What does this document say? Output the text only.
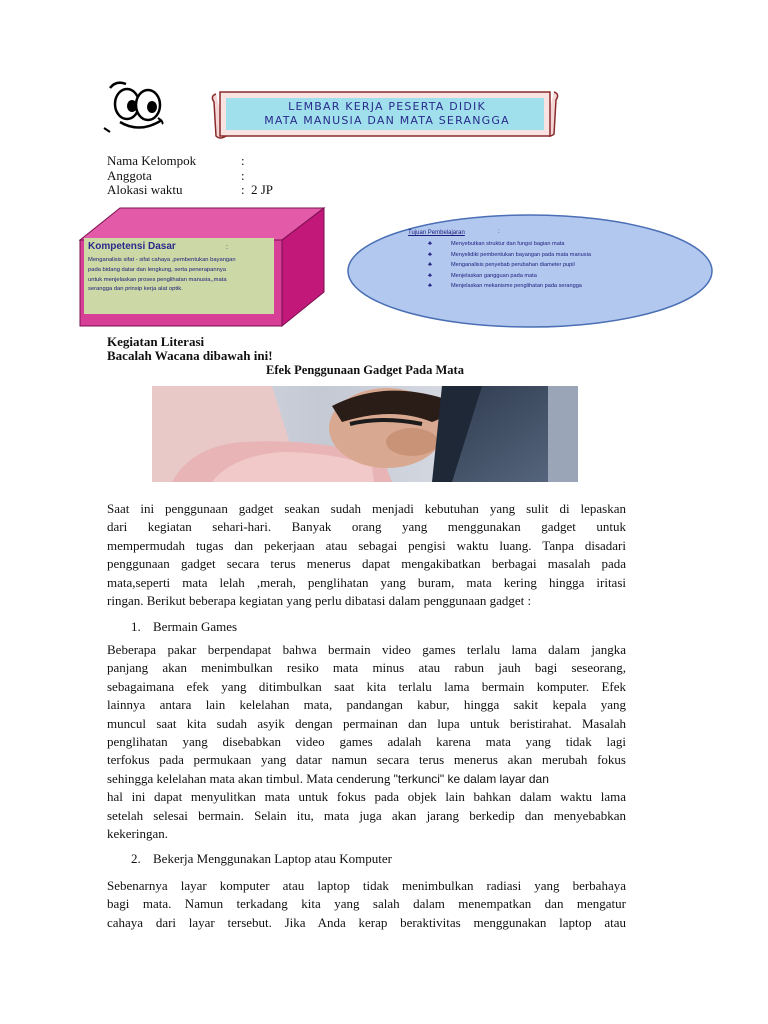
LEMBAR KERJA PESERTA DIDIK
MATA MANUSIA DAN MATA SERANGGA
Nama Kelompok	:
Anggota	:
Alokasi waktu	: 2 JP
Kompetensi Dasar	:
Menganalisis sifat - sifat cahaya ,pembentukan bayangan
pada bidang datar dan lengkung, serta penerapannya
untuk menjelaskan proses penglihatan manusia,,mata
serangga dan prinsip kerja alat optik.
Tujuan Pembelajaran	:
♣	Menyebutkan struktur dan fungsi bagian mata
♣	Menyelidiki pembentukan bayangan pada mata manusia
♣	Menganalisis penyebab perubahan diameter pupil
♣	Menjelaskan gangguan pada mata
♣	Menjelaskan mekanisme penglihatan pada serangga
Kegiatan Literasi
Bacalah Wacana dibawah ini!
Efek Penggunaan Gadget Pada Mata
Saat ini penggunaan gadget seakan sudah menjadi kebutuhan yang sulit di lepaskan
dari kegiatan sehari-hari. Banyak orang yang menggunakan gadget untuk
mempermudah tugas dan pekerjaan atau sebagai pengisi waktu luang. Tanpa disadari
penggunaan gadget secara terus menerus dapat mengakibatkan berbagai masalah pada
mata,seperti mata lelah ,merah, penglihatan yang buram, mata kering hingga iritasi
ringan. Berikut beberapa kegiatan yang perlu dibatasi dalam penggunaan gadget :
1. Bermain Games
Beberapa pakar berpendapat bahwa bermain video games terlalu lama dalam jangka
panjang akan menimbulkan resiko mata minus atau rabun jauh bagi seseorang,
sebagaimana efek yang ditimbulkan saat kita terlalu lama bermain komputer. Efek
lainnya antara lain kelelahan mata, pandangan kabur, hingga sakit kepala yang
muncul saat kita sudah asyik dengan permainan dan lupa untuk beristirahat. Masalah
penglihatan yang disebabkan video games adalah karena mata yang tidak lagi
terfokus pada permukaan yang datar namun secara terus menerus akan merubah fokus
sehingga kelelahan mata akan timbul. Mata cenderung "terkunci" ke dalam layar dan
hal ini dapat menyulitkan mata untuk fokus pada objek lain bahkan dalam waktu lama
setelah selesai bermain. Selain itu, mata juga akan jarang berkedip dan menyebabkan
kekeringan.
2. Bekerja Menggunakan Laptop atau Komputer
Sebenarnya layar komputer atau laptop tidak menimbulkan radiasi yang berbahaya
bagi mata. Namun terkadang kita yang salah dalam menempatkan dan mengatur
cahaya dari layar tersebut. Jika Anda kerap beraktivitas menggunakan laptop atau
